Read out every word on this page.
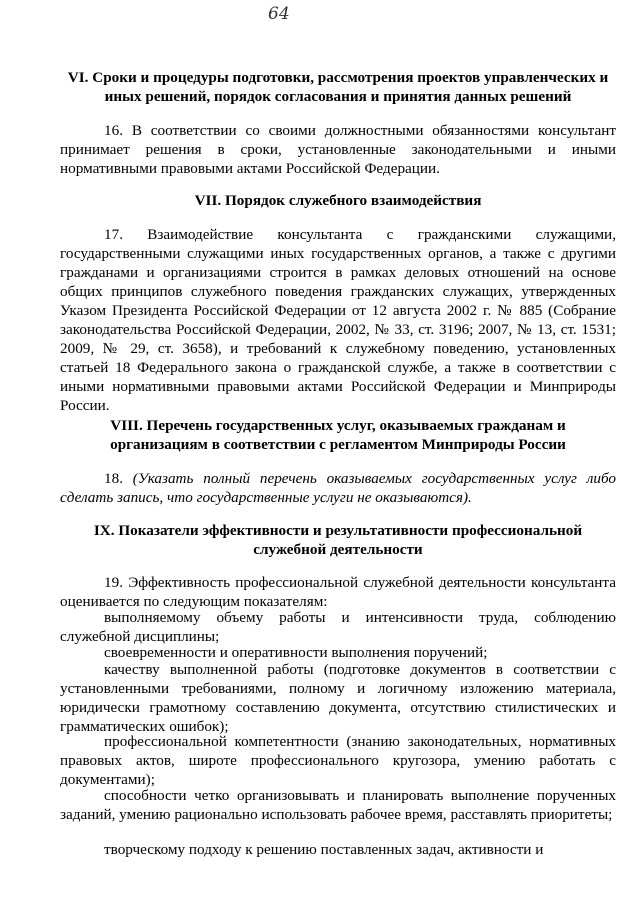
64
VI. Сроки и процедуры подготовки, рассмотрения проектов управленческих и иных решений, порядок согласования и принятия данных решений

16. В соответствии со своими должностными обязанностями консультант принимает решения в сроки, установленные законодательными и иными нормативными правовыми актами Российской Федерации.

VII. Порядок служебного взаимодействия

17. Взаимодействие консультанта с гражданскими служащими, государственными служащими иных государственных органов, а также с другими гражданами и организациями строится в рамках деловых отношений на основе общих принципов служебного поведения гражданских служащих, утвержденных Указом Президента Российской Федерации от 12 августа 2002 г. № 885 (Собрание законодательства Российской Федерации, 2002, № 33, ст. 3196; 2007, № 13, ст. 1531; 2009, № 29, ст. 3658), и требований к служебному поведению, установленных статьей 18 Федерального закона о гражданской службе, а также в соответствии с иными нормативными правовыми актами Российской Федерации и Минприроды России.

VIII. Перечень государственных услуг, оказываемых гражданам и организациям в соответствии с регламентом Минприроды России

18. (Указать полный перечень оказываемых государственных услуг либо сделать запись, что государственные услуги не оказываются).

IX. Показатели эффективности и результативности профессиональной служебной деятельности

19. Эффективность профессиональной служебной деятельности консультанта оценивается по следующим показателям:

выполняемому объему работы и интенсивности труда, соблюдению служебной дисциплины;

своевременности и оперативности выполнения поручений;

качеству выполненной работы (подготовке документов в соответствии с установленными требованиями, полному и логичному изложению материала, юридически грамотному составлению документа, отсутствию стилистических и грамматических ошибок);

профессиональной компетентности (знанию законодательных, нормативных правовых актов, широте профессионального кругозора, умению работать с документами);

способности четко организовывать и планировать выполнение порученных заданий, умению рационально использовать рабочее время, расставлять приоритеты;

творческому подходу к решению поставленных задач, активности и
